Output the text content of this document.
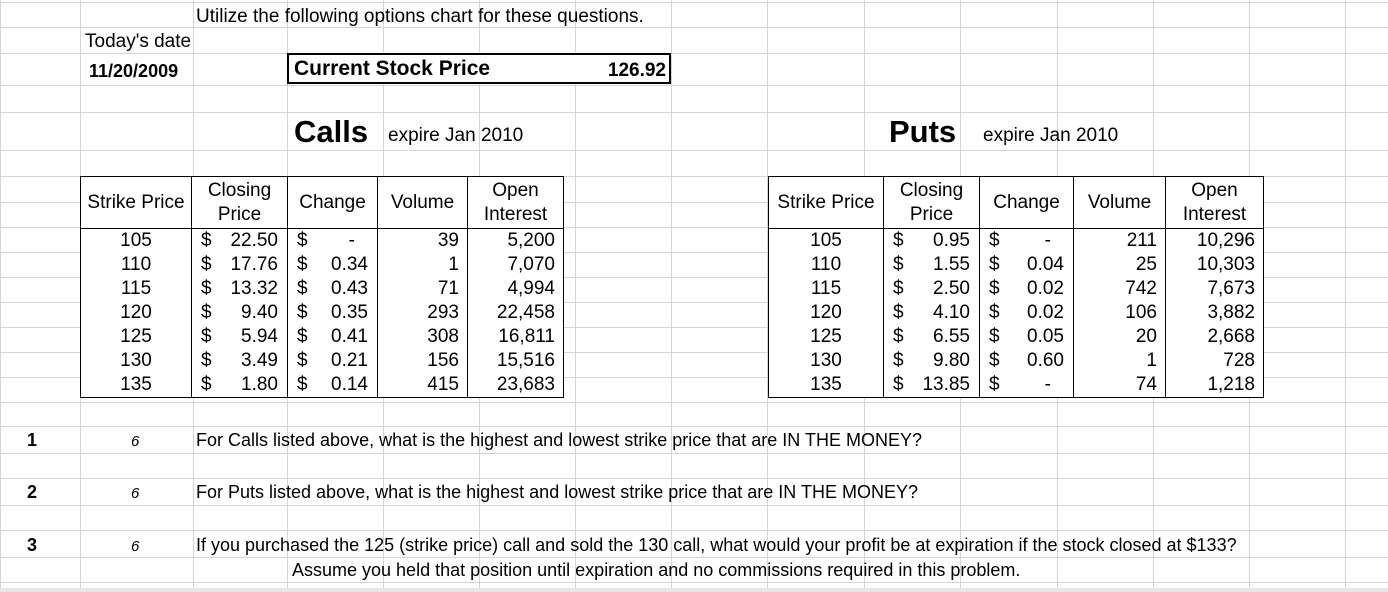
Utilize the following options chart for these questions.
Today's date
11/20/2009	Current Stock Price	126.92
Calls expire Jan 2010	Puts expire Jan 2010
Strike Price	Closing Price	Change	Volume	Open Interest
105	$ 22.50	$ -	39	5,200
110	$ 17.76	$ 0.34	1	7,070
115	$ 13.32	$ 0.43	71	4,994
120	$ 9.40	$ 0.35	293	22,458
125	$ 5.94	$ 0.41	308	16,811
130	$ 3.49	$ 0.21	156	15,516
135	$ 1.80	$ 0.14	415	23,683
Strike Price	Closing Price	Change	Volume	Open Interest
105	$ 0.95	$ -	211	10,296
110	$ 1.55	$ 0.04	25	10,303
115	$ 2.50	$ 0.02	742	7,673
120	$ 4.10	$ 0.02	106	3,882
125	$ 6.55	$ 0.05	20	2,668
130	$ 9.80	$ 0.60	1	728
135	$ 13.85	$ -	74	1,218
1	6	For Calls listed above, what is the highest and lowest strike price that are IN THE MONEY?
2	6	For Puts listed above, what is the highest and lowest strike price that are IN THE MONEY?
3	6	If you purchased the 125 (strike price) call and sold the 130 call, what would your profit be at expiration if the stock closed at $133?
Assume you held that position until expiration and no commissions required in this problem.
